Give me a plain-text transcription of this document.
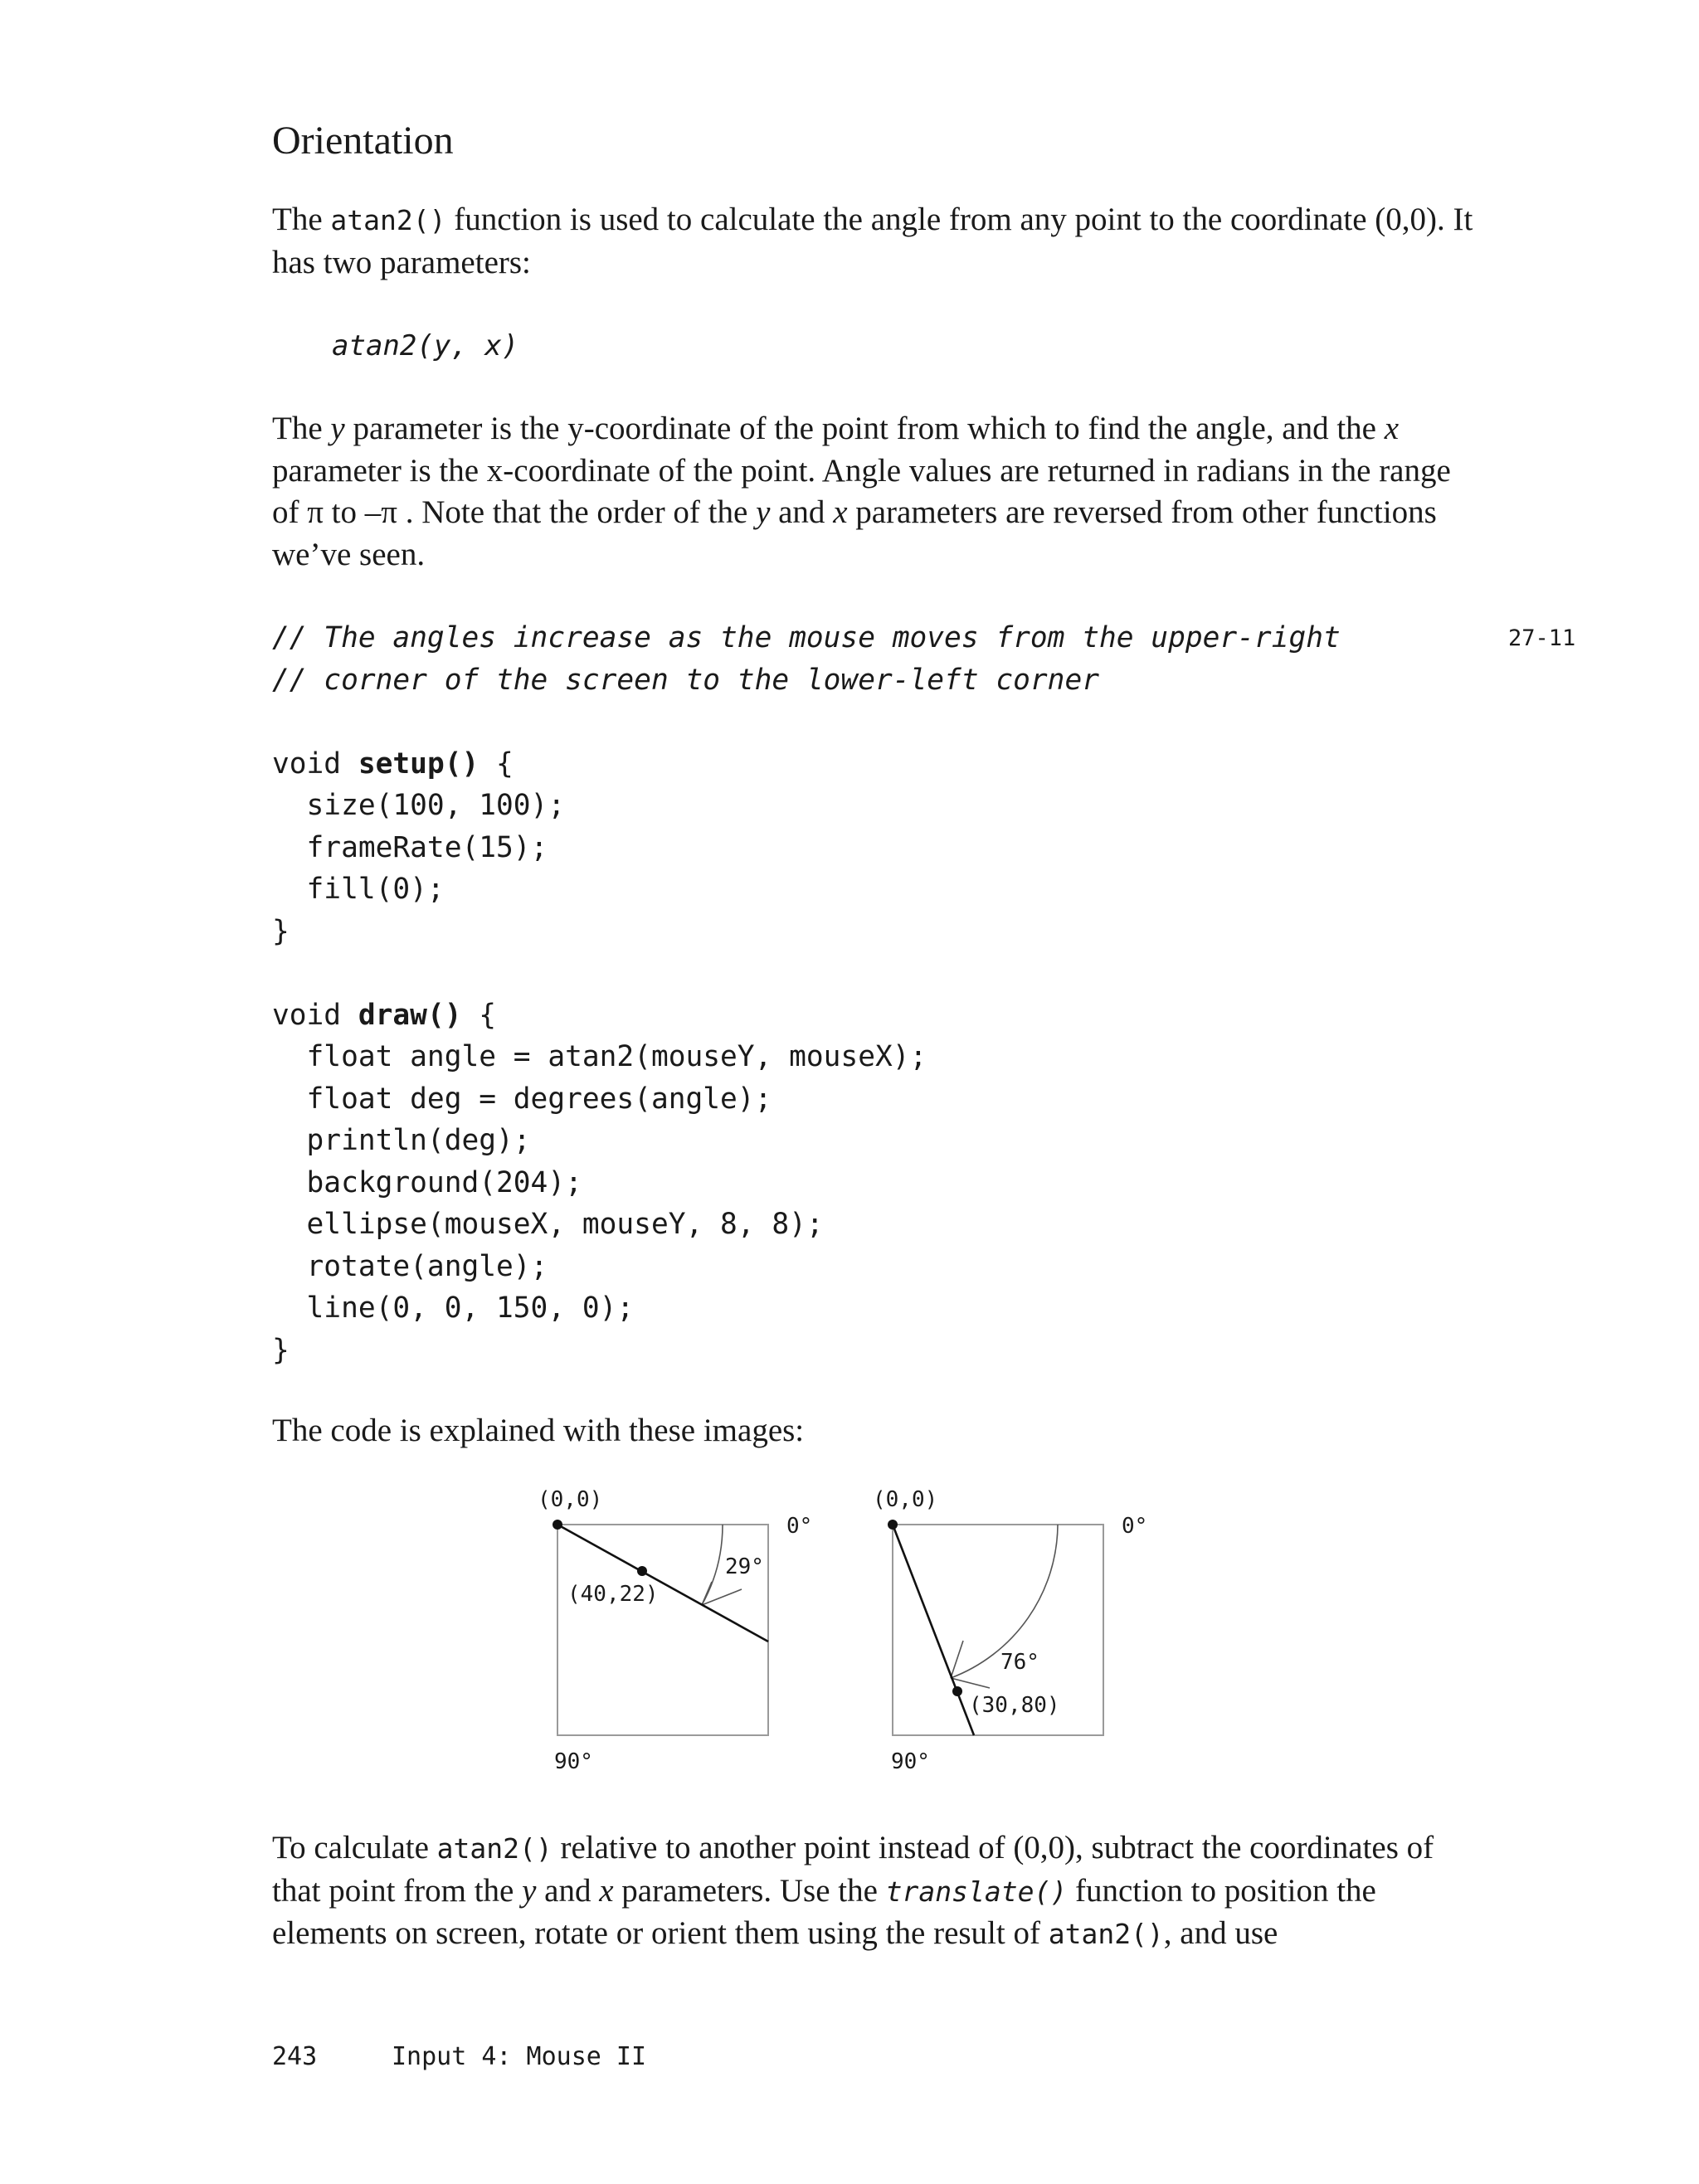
Orientation

The atan2() function is used to calculate the angle from any point to the coordinate (0,0). It has two parameters:

atan2(y, x)

The y parameter is the y-coordinate of the point from which to find the angle, and the x parameter is the x-coordinate of the point. Angle values are returned in radians in the range of π to –π . Note that the order of the y and x parameters are reversed from other functions we’ve seen.

27-11
// The angles increase as the mouse moves from the upper-right
// corner of the screen to the lower-left corner

void setup() {
size(100, 100);
frameRate(15);
fill(0);
}

void draw() {
float angle = atan2(mouseY, mouseX);
float deg = degrees(angle);
println(deg);
background(204);
ellipse(mouseX, mouseY, 8, 8);
rotate(angle);
line(0, 0, 150, 0);
}

The code is explained with these images:

(0,0)
0°
90°
(40,22)
29°
(0,0)
0°
90°
76°
(30,80)

To calculate atan2() relative to another point instead of (0,0), subtract the coordinates of that point from the y and x parameters. Use the translate() function to position the elements on screen, rotate or orient them using the result of atan2(), and use

243	Input 4: Mouse II
